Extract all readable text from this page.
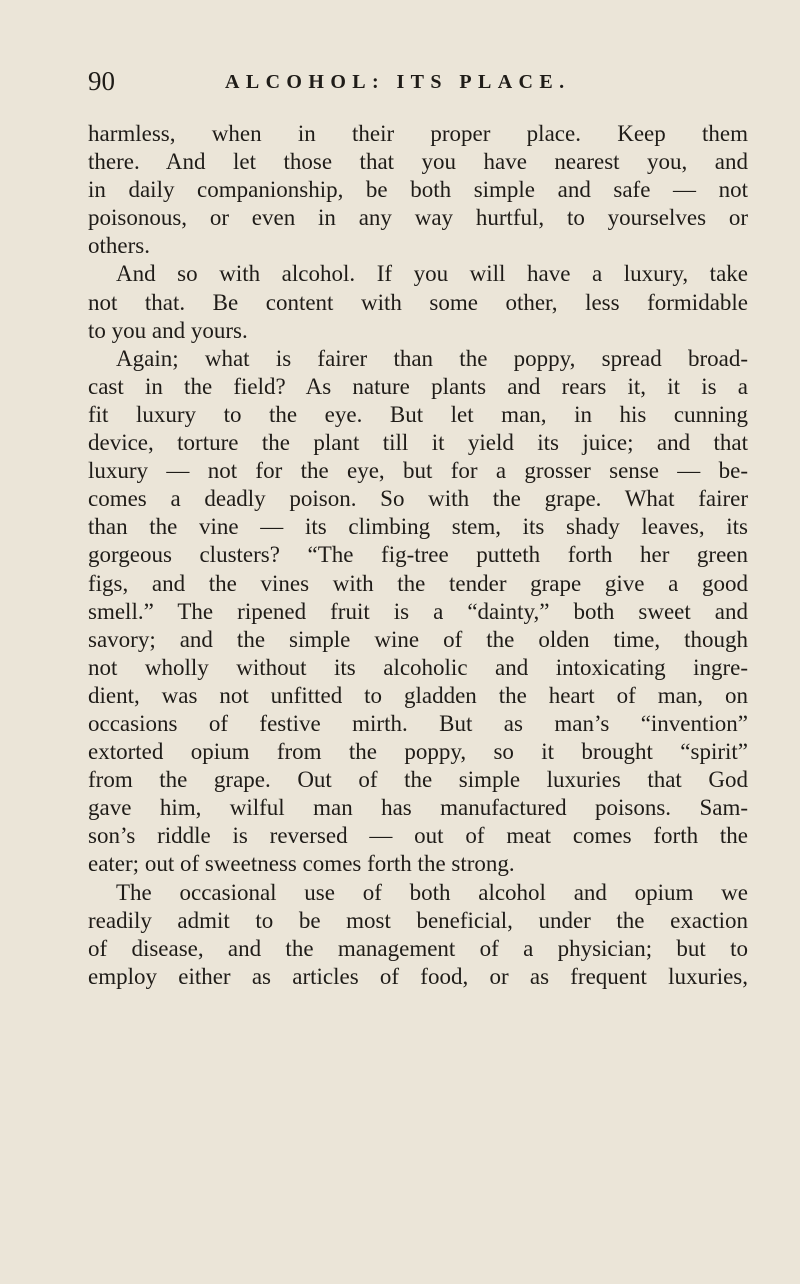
90	ALCOHOL: ITS PLACE.
harmless, when in their proper place. Keep them
there. And let those that you have nearest you, and
in daily companionship, be both simple and safe — not
poisonous, or even in any way hurtful, to yourselves or
others.
And so with alcohol. If you will have a luxury, take
not that. Be content with some other, less formidable
to you and yours.
Again; what is fairer than the poppy, spread broad-
cast in the field? As nature plants and rears it, it is a
fit luxury to the eye. But let man, in his cunning
device, torture the plant till it yield its juice; and that
luxury — not for the eye, but for a grosser sense — be-
comes a deadly poison. So with the grape. What fairer
than the vine — its climbing stem, its shady leaves, its
gorgeous clusters? “The fig-tree putteth forth her green
figs, and the vines with the tender grape give a good
smell.” The ripened fruit is a “dainty,” both sweet and
savory; and the simple wine of the olden time, though
not wholly without its alcoholic and intoxicating ingre-
dient, was not unfitted to gladden the heart of man, on
occasions of festive mirth. But as man’s “invention”
extorted opium from the poppy, so it brought “spirit”
from the grape. Out of the simple luxuries that God
gave him, wilful man has manufactured poisons. Sam-
son’s riddle is reversed — out of meat comes forth the
eater; out of sweetness comes forth the strong.
The occasional use of both alcohol and opium we
readily admit to be most beneficial, under the exaction
of disease, and the management of a physician; but to
employ either as articles of food, or as frequent luxuries,
